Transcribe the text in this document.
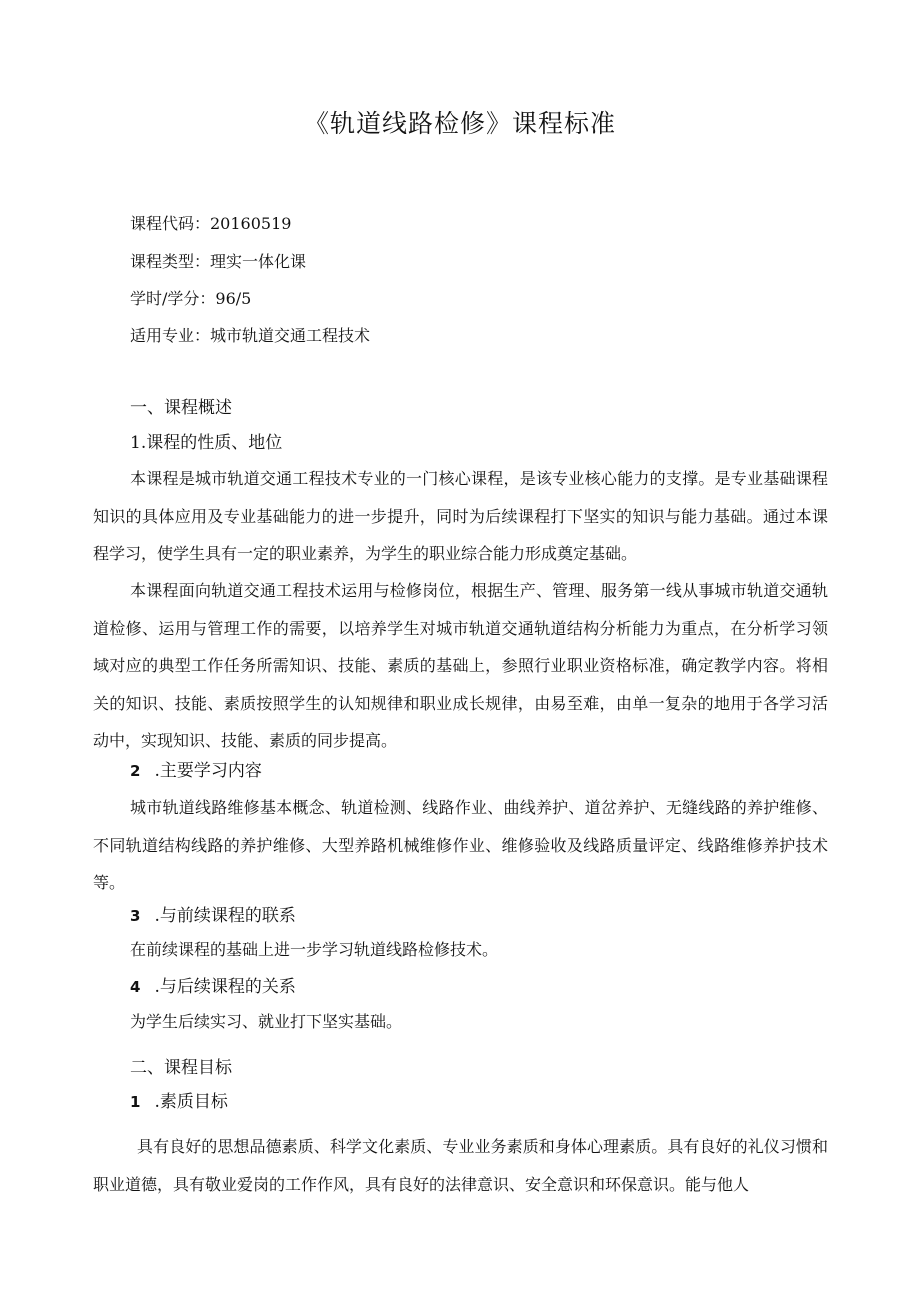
《轨道线路检修》课程标准
课程代码：20160519
课程类型：理实一体化课
学时/学分：96/5
适用专业：城市轨道交通工程技术
一、课程概述
1.课程的性质、地位
本课程是城市轨道交通工程技术专业的一门核心课程，是该专业核心能力的支撑。是专业基础课程知识的具体应用及专业基础能力的进一步提升，同时为后续课程打下坚实的知识与能力基础。通过本课程学习，使学生具有一定的职业素养，为学生的职业综合能力形成奠定基础。
本课程面向轨道交通工程技术运用与检修岗位，根据生产、管理、服务第一线从事城市轨道交通轨道检修、运用与管理工作的需要，以培养学生对城市轨道交通轨道结构分析能力为重点，在分析学习领域对应的典型工作任务所需知识、技能、素质的基础上，参照行业职业资格标准，确定教学内容。将相关的知识、技能、素质按照学生的认知规律和职业成长规律，由易至难，由单一复杂的地用于各学习活动中，实现知识、技能、素质的同步提高。
2 .主要学习内容
城市轨道线路维修基本概念、轨道检测、线路作业、曲线养护、道岔养护、无缝线路的养护维修、不同轨道结构线路的养护维修、大型养路机械维修作业、维修验收及线路质量评定、线路维修养护技术等。
3 .与前续课程的联系
在前续课程的基础上进一步学习轨道线路检修技术。
4 .与后续课程的关系
为学生后续实习、就业打下坚实基础。
二、课程目标
1 .素质目标
具有良好的思想品德素质、科学文化素质、专业业务素质和身体心理素质。具有良好的礼仪习惯和职业道德，具有敬业爱岗的工作作风，具有良好的法律意识、安全意识和环保意识。能与他人
